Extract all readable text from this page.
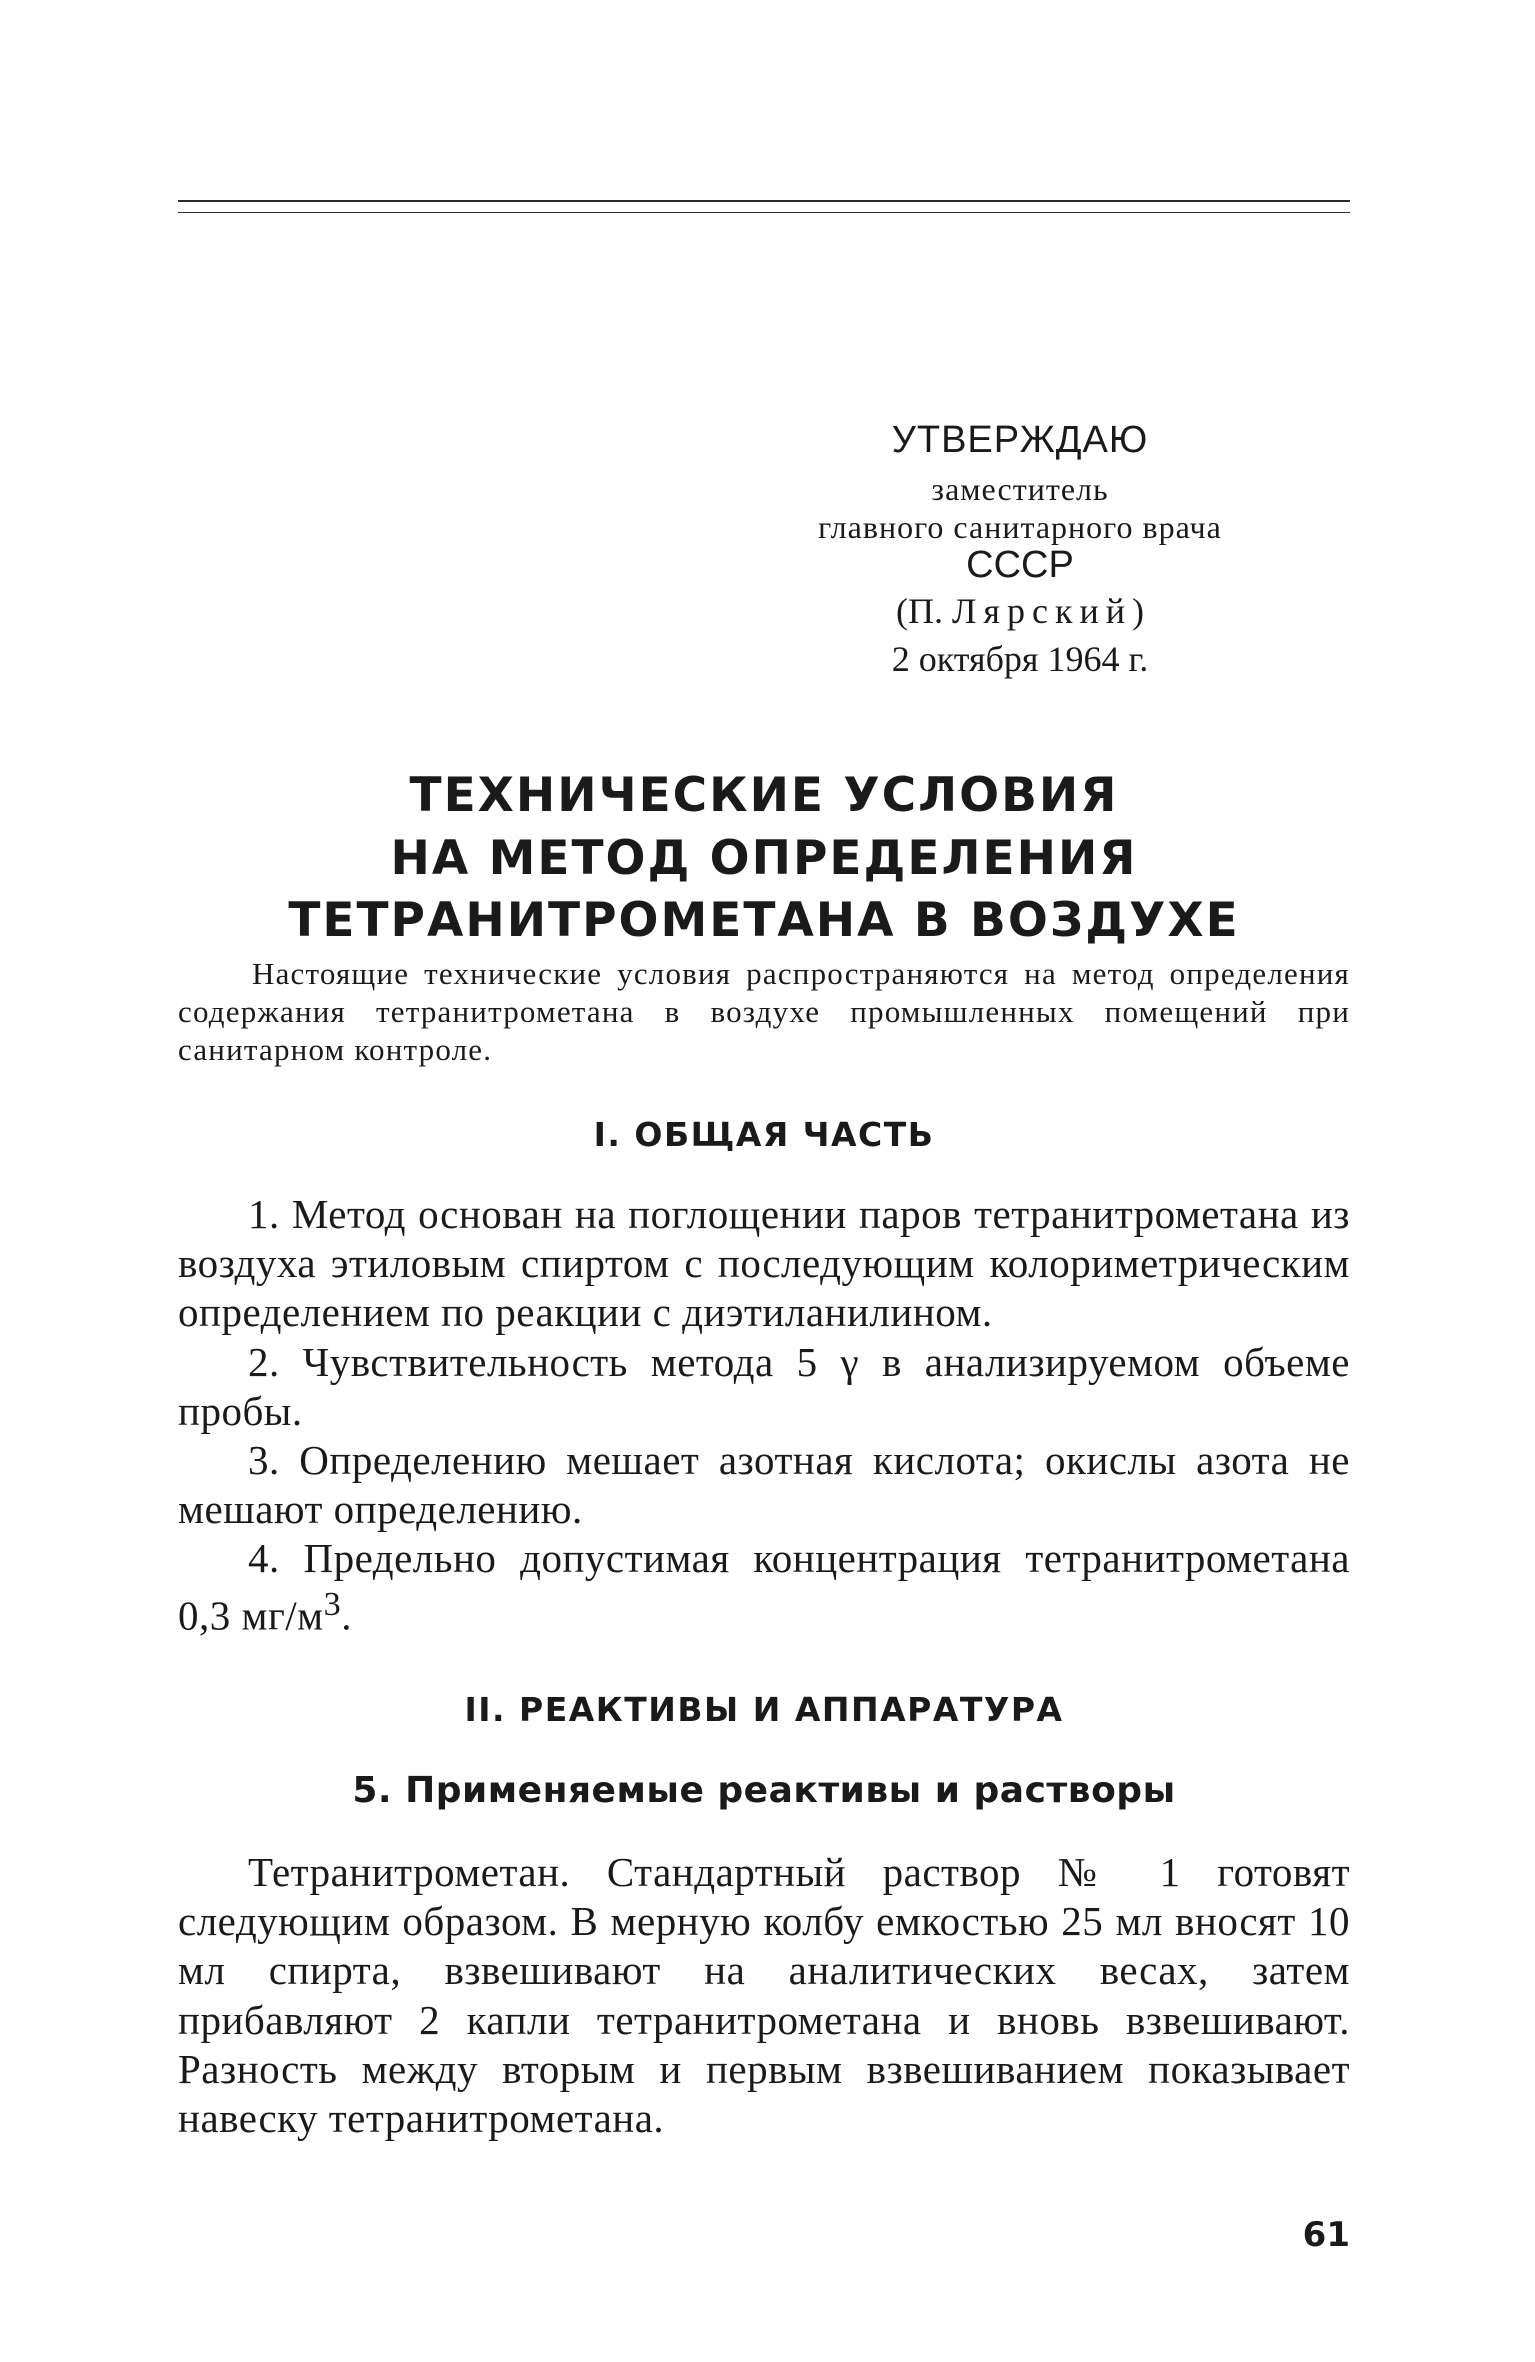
УТВЕРЖДАЮ
заместитель
главного санитарного врача
СССР
(П. Лярский)
2 октября 1964 г.
ТЕХНИЧЕСКИЕ УСЛОВИЯ
НА МЕТОД ОПРЕДЕЛЕНИЯ
ТЕТРАНИТРОМЕТАНА В ВОЗДУХЕ

Настоящие технические условия распространяются на метод определения содержания тетранитрометана в воздухе промышленных помещений при санитарном контроле.

I. ОБЩАЯ ЧАСТЬ

1. Метод основан на поглощении паров тетранитрометана из воздуха этиловым спиртом с последующим колориметрическим определением по реакции с диэтиланилином.

2. Чувствительность метода 5 γ в анализируемом объеме пробы.

3. Определению мешает азотная кислота; окислы азота не мешают определению.

4. Предельно допустимая концентрация тетранитрометана 0,3 $мг/м^3$.

II. РЕАКТИВЫ И АППАРАТУРА
5. Применяемые реактивы и растворы

Тетранитрометан. Стандартный раствор № 1 готовят следующим образом. В мерную колбу емкостью 25 мл вносят 10 мл спирта, взвешивают на аналитических весах, затем прибавляют 2 капли тетранитрометана и вновь взвешивают. Разность между вторым и первым взвешиванием показывает навеску тетранитрометана.

61
